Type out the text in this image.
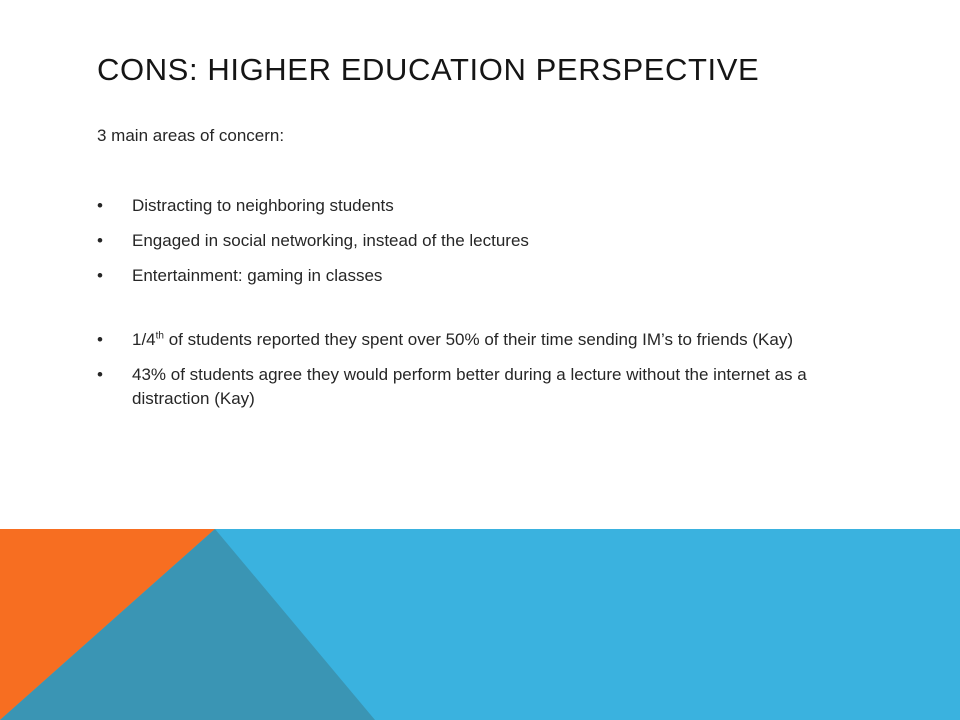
CONS: HIGHER EDUCATION PERSPECTIVE

3 main areas of concern:

• Distracting to neighboring students
• Engaged in social networking, instead of the lectures
• Entertainment: gaming in classes
• 1/4th of students reported they spent over 50% of their time sending IM’s to friends (Kay)
• 43% of students agree they would perform better during a lecture without the internet as a distraction (Kay)
